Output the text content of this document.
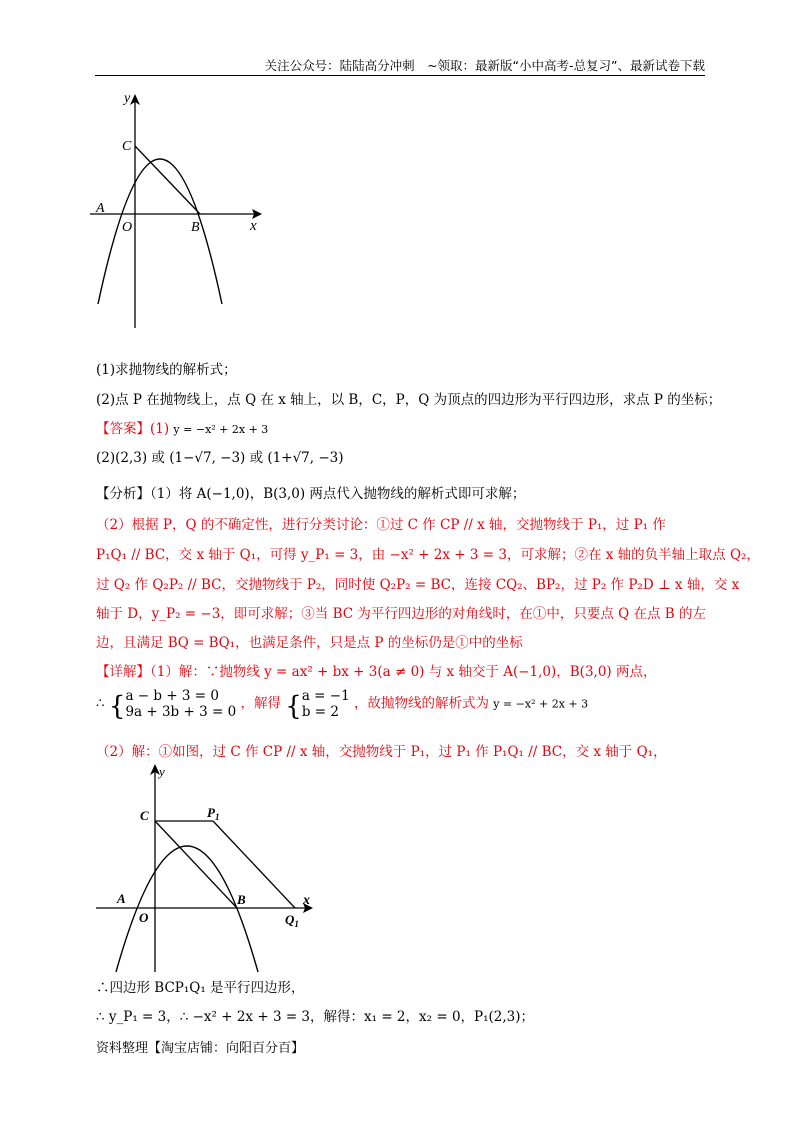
关注公众号：陆陆高分冲刺　~领取：最新版“小中高考-总复习”、最新试卷下载
y
x
C
A
O	B
(1)求抛物线的解析式；
(2)点 P 在抛物线上，点 Q 在 x 轴上，以 B，C，P，Q 为顶点的四边形为平行四边形，求点 P 的坐标；
【答案】(1) y = −x² + 2x + 3
(2)(2,3) 或 (1−√7, −3) 或 (1+√7, −3)
【分析】（1）将 A(−1,0)，B(3,0) 两点代入抛物线的解析式即可求解；
（2）根据 P，Q 的不确定性，进行分类讨论：①过 C 作 CP // x 轴，交抛物线于 P₁，过 P₁ 作
P₁Q₁ // BC，交 x 轴于 Q₁，可得 y_P₁ = 3，由 −x² + 2x + 3 = 3，可求解；②在 x 轴的负半轴上取点 Q₂，
过 Q₂ 作 Q₂P₂ // BC，交抛物线于 P₂，同时使 Q₂P₂ = BC，连接 CQ₂、BP₂，过 P₂ 作 P₂D ⊥ x 轴，交 x
轴于 D，y_P₂ = −3，即可求解；③当 BC 为平行四边形的对角线时，在①中，只要点 Q 在点 B 的左
边，且满足 BQ = BQ₁，也满足条件，只是点 P 的坐标仍是①中的坐标
【详解】（1）解：∵抛物线 y = ax² + bx + 3(a ≠ 0) 与 x 轴交于 A(−1,0)，B(3,0) 两点，
∴ { a − b + 3 = 0
9a + 3b + 3 = 0
，解得 { a = −1
b = 2
，故抛物线的解析式为 y = −x² + 2x + 3
（2）解：①如图，过 C 作 CP // x 轴，交抛物线于 P₁，过 P₁ 作 P₁Q₁ // BC，交 x 轴于 Q₁，
y
x
C	$P_1$
A
O
B
$Q_1$
∴四边形 BCP₁Q₁ 是平行四边形，
∴ y_P₁ = 3，∴ −x² + 2x + 3 = 3，解得：x₁ = 2，x₂ = 0，P₁(2,3)；
资料整理【淘宝店铺：向阳百分百】
